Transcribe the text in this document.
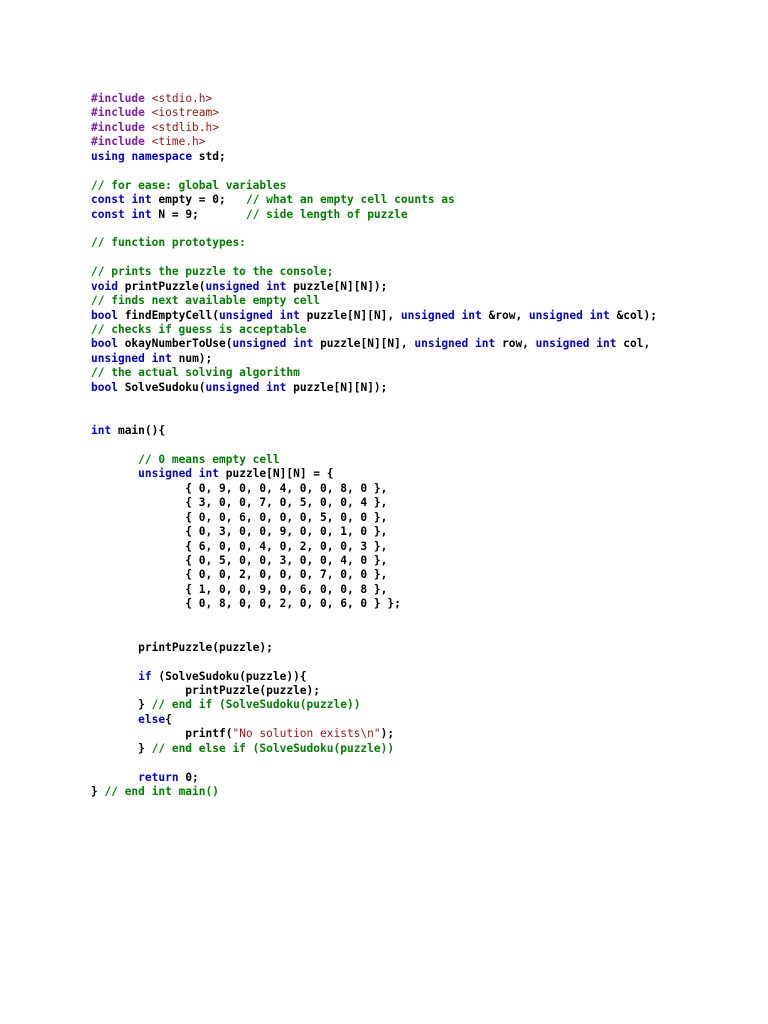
#include <stdio.h>
#include <iostream>
#include <stdlib.h>
#include <time.h>
using namespace std;
// for ease: global variables
const int empty = 0;   // what an empty cell counts as
const int N = 9;       // side length of puzzle
// function prototypes:
// prints the puzzle to the console;
void printPuzzle(unsigned int puzzle[N][N]);
// finds next available empty cell
bool findEmptyCell(unsigned int puzzle[N][N], unsigned int &row, unsigned int &col);
// checks if guess is acceptable
bool okayNumberToUse(unsigned int puzzle[N][N], unsigned int row, unsigned int col,
unsigned int num);
// the actual solving algorithm
bool SolveSudoku(unsigned int puzzle[N][N]);
int main(){
// 0 means empty cell
unsigned int puzzle[N][N] = {
{ 0, 9, 0, 0, 4, 0, 0, 8, 0 },
{ 3, 0, 0, 7, 0, 5, 0, 0, 4 },
{ 0, 0, 6, 0, 0, 0, 5, 0, 0 },
{ 0, 3, 0, 0, 9, 0, 0, 1, 0 },
{ 6, 0, 0, 4, 0, 2, 0, 0, 3 },
{ 0, 5, 0, 0, 3, 0, 0, 4, 0 },
{ 0, 0, 2, 0, 0, 0, 7, 0, 0 },
{ 1, 0, 0, 9, 0, 6, 0, 0, 8 },
{ 0, 8, 0, 0, 2, 0, 0, 6, 0 } };
printPuzzle(puzzle);
if (SolveSudoku(puzzle)){
printPuzzle(puzzle);
} // end if (SolveSudoku(puzzle))
else{
printf("No solution exists\n");
} // end else if (SolveSudoku(puzzle))
return 0;
} // end int main()
